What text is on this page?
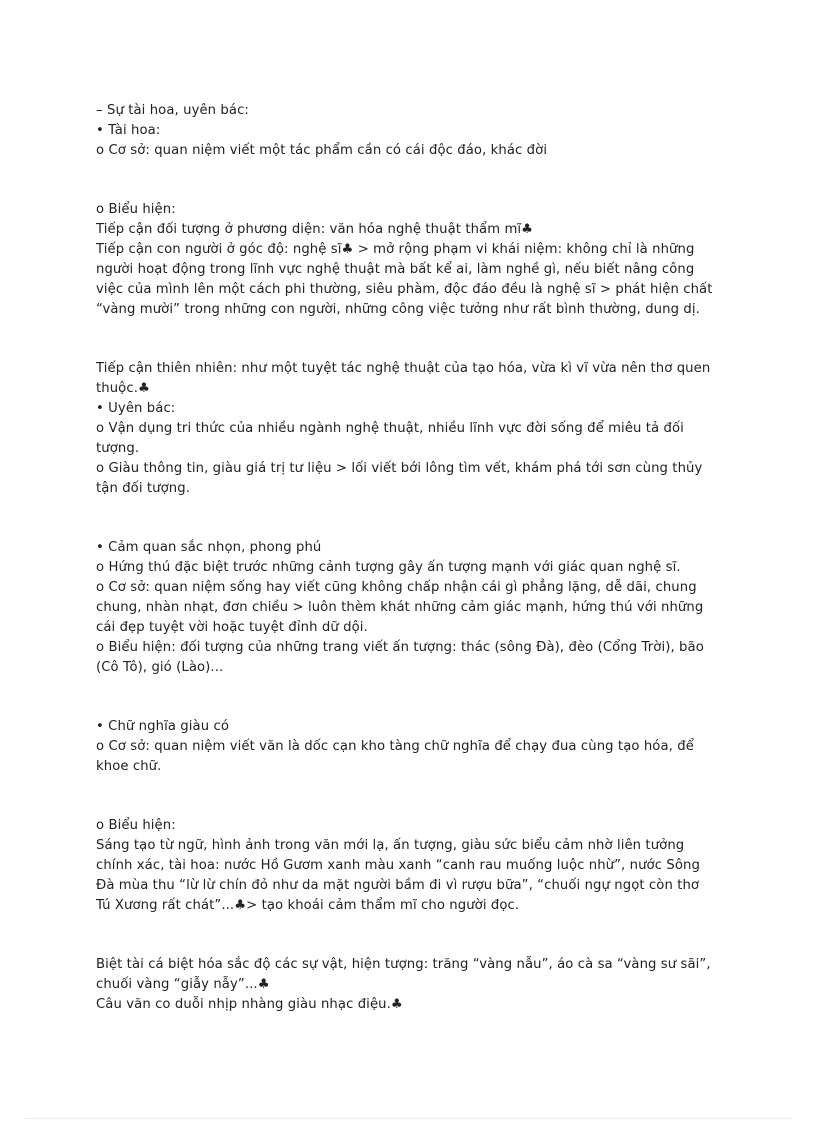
– Sự tài hoa, uyên bác:

• Tài hoa:

o Cơ sở: quan niệm viết một tác phẩm cần có cái độc đáo, khác đời

o Biểu hiện:

Tiếp cận đối tượng ở phương diện: văn hóa nghệ thuật thẩm mĩ♣

Tiếp cận con người ở góc độ: nghệ sĩ♣ > mở rộng phạm vi khái niệm: không chỉ là những

người hoạt động trong lĩnh vực nghệ thuật mà bất kể ai, làm nghề gì, nếu biết nâng công

việc của mình lên một cách phi thường, siêu phàm, độc đáo đều là nghệ sĩ > phát hiện chất

“vàng mười” trong những con người, những công việc tưởng như rất bình thường, dung dị.

Tiếp cận thiên nhiên: như một tuyệt tác nghệ thuật của tạo hóa, vừa kì vĩ vừa nên thơ quen

thuộc.♣

• Uyên bác:

o Vận dụng tri thức của nhiều ngành nghệ thuật, nhiều lĩnh vực đời sống để miêu tả đối

tượng.

o Giàu thông tin, giàu giá trị tư liệu > lối viết bới lông tìm vết, khám phá tới sơn cùng thủy

tận đối tượng.

• Cảm quan sắc nhọn, phong phú

o Hứng thú đặc biệt trước những cảnh tượng gây ấn tượng mạnh với giác quan nghệ sĩ.

o Cơ sở: quan niệm sống hay viết cũng không chấp nhận cái gì phẳng lặng, dễ dãi, chung

chung, nhàn nhạt, đơn chiều > luôn thèm khát những cảm giác mạnh, hứng thú với những

cái đẹp tuyệt vời hoặc tuyệt đỉnh dữ dội.

o Biểu hiện: đối tượng của những trang viết ấn tượng: thác (sông Đà), đèo (Cổng Trời), bão

(Cô Tô), gió (Lào)...

• Chữ nghĩa giàu có

o Cơ sở: quan niệm viết văn là dốc cạn kho tàng chữ nghĩa để chạy đua cùng tạo hóa, để

khoe chữ.

o Biểu hiện:

Sáng tạo từ ngữ, hình ảnh trong văn mới lạ, ấn tượng, giàu sức biểu cảm nhờ liên tưởng

chính xác, tài hoa: nước Hồ Gươm xanh màu xanh “canh rau muống luộc nhừ”, nước Sông

Đà mùa thu “lừ lừ chín đỏ như da mặt người bầm đi vì rượu bữa”, “chuối ngự ngọt còn thơ

Tú Xương rất chát”...♣> tạo khoái cảm thẩm mĩ cho người đọc.

Biệt tài cá biệt hóa sắc độ các sự vật, hiện tượng: trăng “vàng nẫu”, áo cà sa “vàng sư sãi”,

chuối vàng “giẫy nẫy”...♣

Câu văn co duỗi nhịp nhàng giàu nhạc điệu.♣
